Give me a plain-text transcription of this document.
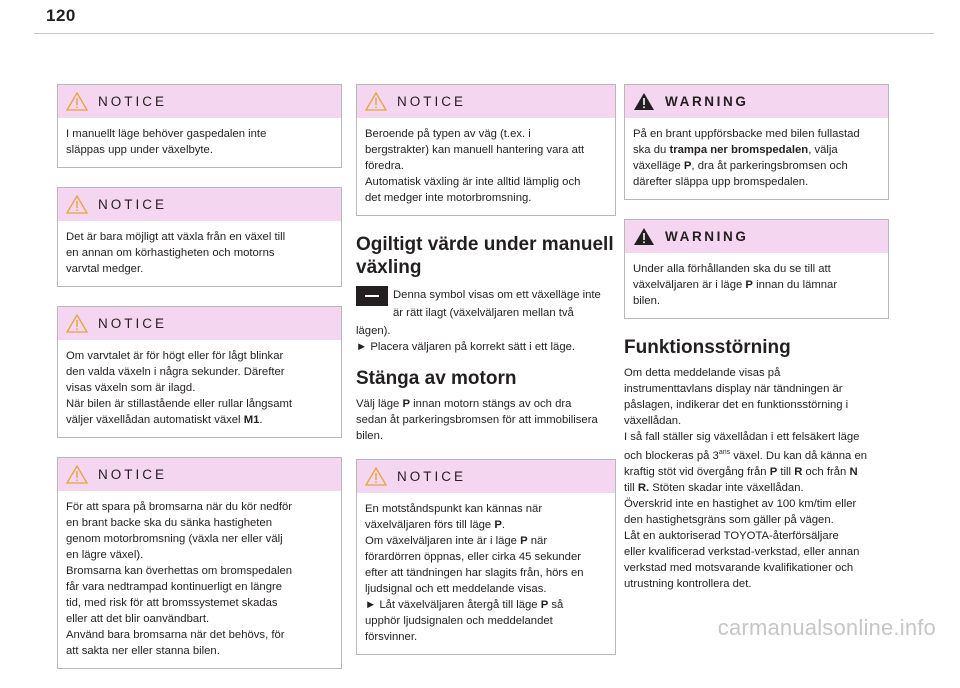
120
NOTICE
I manuellt läge behöver gaspedalen inte
släppas upp under växelbyte.
NOTICE
Det är bara möjligt att växla från en växel till
en annan om körhastigheten och motorns
varvtal medger.
NOTICE
Om varvtalet är för högt eller för lågt blinkar
den valda växeln i några sekunder. Därefter
visas växeln som är ilagd.
När bilen är stillastående eller rullar långsamt
väljer växellådan automatiskt växel M1.
NOTICE
För att spara på bromsarna när du kör nedför
en brant backe ska du sänka hastigheten
genom motorbromsning (växla ner eller välj
en lägre växel).
Bromsarna kan överhettas om bromspedalen
får vara nedtrampad kontinuerligt en längre
tid, med risk för att bromssystemet skadas
eller att det blir oanvändbart.
Använd bara bromsarna när det behövs, för
att sakta ner eller stanna bilen.
NOTICE
Beroende på typen av väg (t.ex. i
bergstrakter) kan manuell hantering vara att
föredra.
Automatisk växling är inte alltid lämplig och
det medger inte motorbromsning.
Ogiltigt värde under manuell växling
Denna symbol visas om ett växelläge inte
är rätt ilagt (växelväljaren mellan två
lägen).
► Placera väljaren på korrekt sätt i ett läge.
Stänga av motorn
Välj läge P innan motorn stängs av och dra
sedan åt parkeringsbromsen för att immobilisera
bilen.
NOTICE
En motståndspunkt kan kännas när
växelväljaren förs till läge P.
Om växelväljaren inte är i läge P när
förardörren öppnas, eller cirka 45 sekunder
efter att tändningen har slagits från, hörs en
ljudsignal och ett meddelande visas.
► Låt växelväljaren återgå till läge P så
upphör ljudsignalen och meddelandet
försvinner.
WARNING
På en brant uppförsbacke med bilen fullastad
ska du trampa ner bromspedalen, välja
växelläge P, dra åt parkeringsbromsen och
därefter släppa upp bromspedalen.
WARNING
Under alla förhållanden ska du se till att
växelväljaren är i läge P innan du lämnar
bilen.
Funktionsstörning
Om detta meddelande visas på
instrumenttavlans display när tändningen är
påslagen, indikerar det en funktionsstörning i
växellådan.
I så fall ställer sig växellådan i ett felsäkert läge
och blockeras på $3^{ans}$ växel. Du kan då känna en
kraftig stöt vid övergång från P till R och från N
till R. Stöten skadar inte växellådan.
Överskrid inte en hastighet av 100 km/tim eller
den hastighetsgräns som gäller på vägen.
Låt en auktoriserad TOYOTA-återförsäljare
eller kvalificerad verkstad-verkstad, eller annan
verkstad med motsvarande kvalifikationer och
utrustning kontrollera det.
carmanualsonline.info
